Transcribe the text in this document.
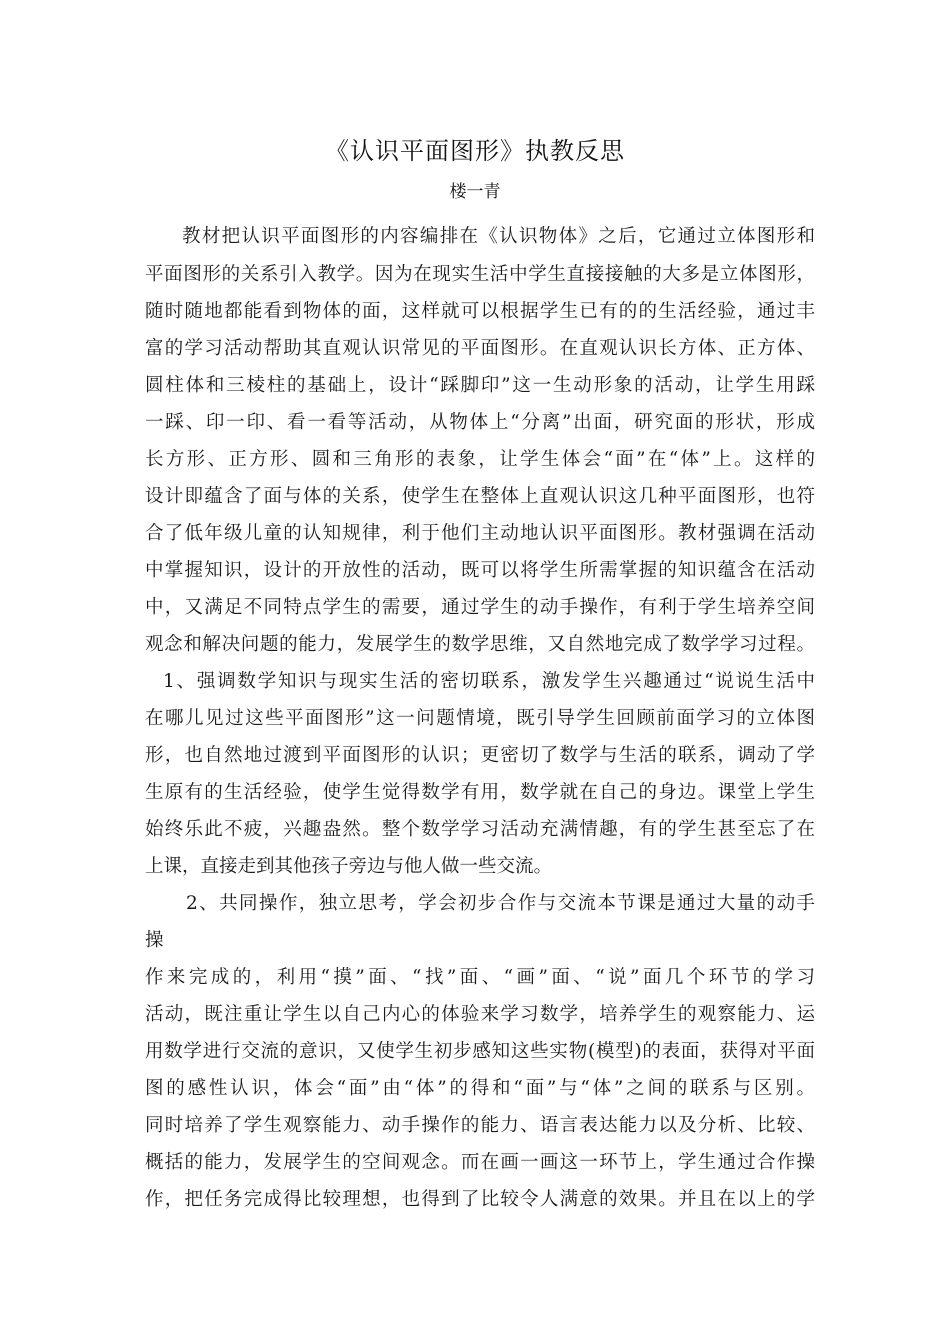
《认识平面图形》执教反思
楼一青
教材把认识平面图形的内容编排在《认识物体》之后，它通过立体图形和
平面图形的关系引入教学。因为在现实生活中学生直接接触的大多是立体图形，
随时随地都能看到物体的面，这样就可以根据学生已有的的生活经验，通过丰
富的学习活动帮助其直观认识常见的平面图形。在直观认识长方体、正方体、
圆柱体和三棱柱的基础上，设计“踩脚印”这一生动形象的活动，让学生用踩
一踩、印一印、看一看等活动，从物体上“分离”出面，研究面的形状，形成
长方形、正方形、圆和三角形的表象，让学生体会“面”在“体”上。这样的
设计即蕴含了面与体的关系，使学生在整体上直观认识这几种平面图形，也符
合了低年级儿童的认知规律，利于他们主动地认识平面图形。教材强调在活动
中掌握知识，设计的开放性的活动，既可以将学生所需掌握的知识蕴含在活动
中，又满足不同特点学生的需要，通过学生的动手操作，有利于学生培养空间
观念和解决问题的能力，发展学生的数学思维，又自然地完成了数学学习过程。
1、强调数学知识与现实生活的密切联系，激发学生兴趣通过“说说生活中
在哪儿见过这些平面图形”这一问题情境，既引导学生回顾前面学习的立体图
形，也自然地过渡到平面图形的认识；更密切了数学与生活的联系，调动了学
生原有的生活经验，使学生觉得数学有用，数学就在自己的身边。课堂上学生
始终乐此不疲，兴趣盎然。整个数学学习活动充满情趣，有的学生甚至忘了在
上课，直接走到其他孩子旁边与他人做一些交流。
2、共同操作，独立思考，学会初步合作与交流本节课是通过大量的动手
操
作来完成的，利用“摸”面、“找”面、“画”面、“说”面几个环节的学习
活动，既注重让学生以自己内心的体验来学习数学，培养学生的观察能力、运
用数学进行交流的意识，又使学生初步感知这些实物(模型)的表面，获得对平面
图的感性认识，体会“面”由“体”的得和“面”与“体”之间的联系与区别。
同时培养了学生观察能力、动手操作的能力、语言表达能力以及分析、比较、
概括的能力，发展学生的空间观念。而在画一画这一环节上，学生通过合作操
作，把任务完成得比较理想，也得到了比较令人满意的效果。并且在以上的学
